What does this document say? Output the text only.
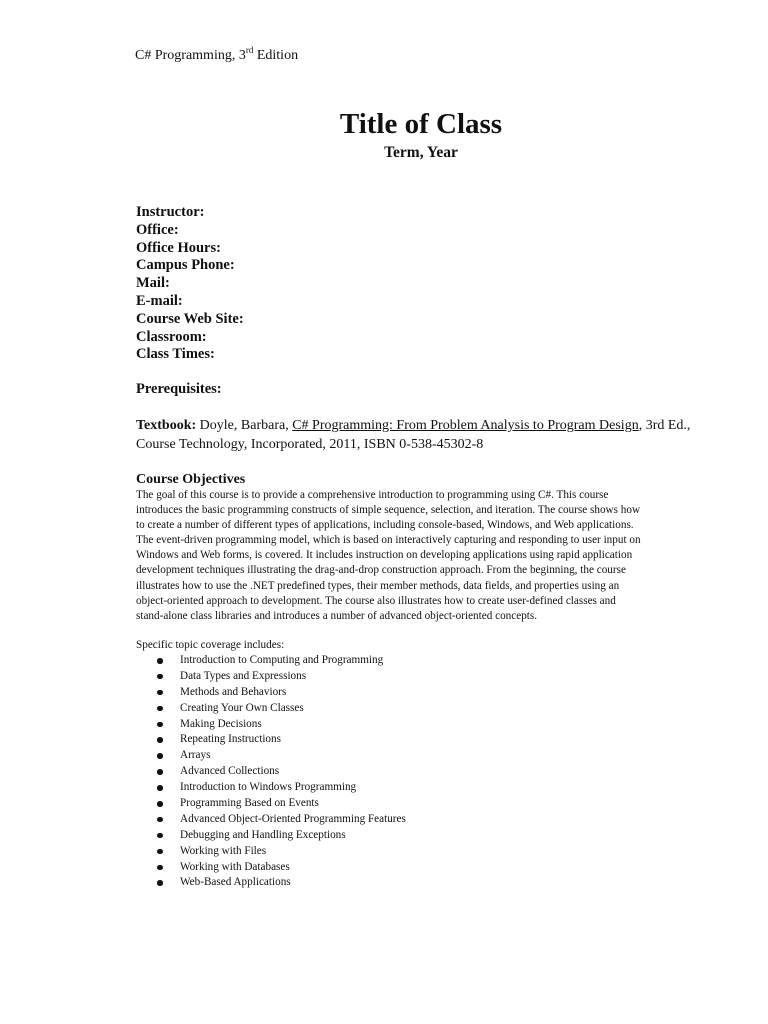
C# Programming, 3rd Edition
Title of Class
Term, Year
Instructor:
Office:
Office Hours:
Campus Phone:
Mail:
E-mail:
Course Web Site:
Classroom:
Class Times:
Prerequisites:
Textbook: Doyle, Barbara, C# Programming: From Problem Analysis to Program Design, 3rd Ed., Course Technology, Incorporated, 2011, ISBN 0-538-45302-8
Course Objectives
The goal of this course is to provide a comprehensive introduction to programming using C#. This course
introduces the basic programming constructs of simple sequence, selection, and iteration. The course shows how
to create a number of different types of applications, including console-based, Windows, and Web applications.
The event-driven programming model, which is based on interactively capturing and responding to user input on
Windows and Web forms, is covered. It includes instruction on developing applications using rapid application
development techniques illustrating the drag-and-drop construction approach. From the beginning, the course
illustrates how to use the .NET predefined types, their member methods, data fields, and properties using an
object-oriented approach to development. The course also illustrates how to create user-defined classes and
stand-alone class libraries and introduces a number of advanced object-oriented concepts.
Specific topic coverage includes:
Introduction to Computing and Programming
Data Types and Expressions
Methods and Behaviors
Creating Your Own Classes
Making Decisions
Repeating Instructions
Arrays
Advanced Collections
Introduction to Windows Programming
Programming Based on Events
Advanced Object-Oriented Programming Features
Debugging and Handling Exceptions
Working with Files
Working with Databases
Web-Based Applications
